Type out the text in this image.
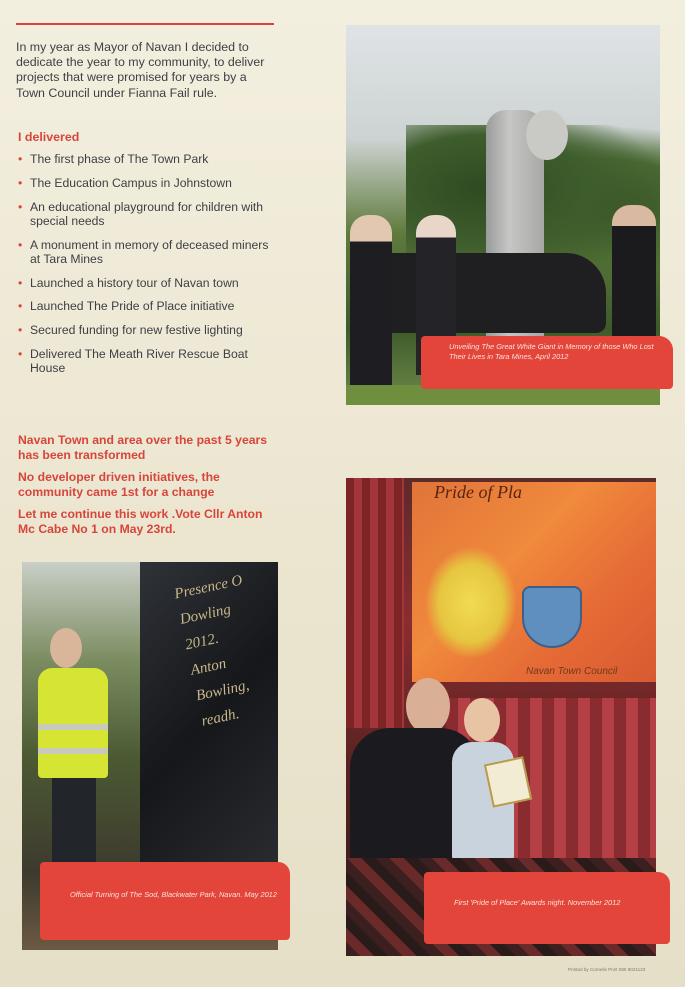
In my year as Mayor of Navan I decided to dedicate the year to my community, to deliver projects that were promised for years by a Town Council under Fianna Fail rule.

I delivered
• The first phase of The Town Park
• The Education Campus in Johnstown
• An educational playground for children with special needs
• A monument in memory of deceased miners at Tara Mines
• Launched a history tour of Navan town
• Launched The Pride of Place initiative
• Secured funding for new festive lighting
• Delivered The Meath River Rescue Boat House

Navan Town and area over the past 5 years has been transformed

No developer driven initiatives, the community came 1st for a change

Let me continue this work .Vote Cllr Anton Mc Cabe No 1 on May 23rd.

Unveiling The Great White Giant in Memory of those Who Lost Their Lives in Tara Mines, April 2012
Presence O
Dowling
2012.
Anton
Bowling,
readh.
Official Turning of The Sod, Blackwater Park, Navan. May 2012
Pride of Pla
Navan Town Council
First 'Pride of Place' Awards night. November 2012
Printed by Cornelis Print 086 8021133
